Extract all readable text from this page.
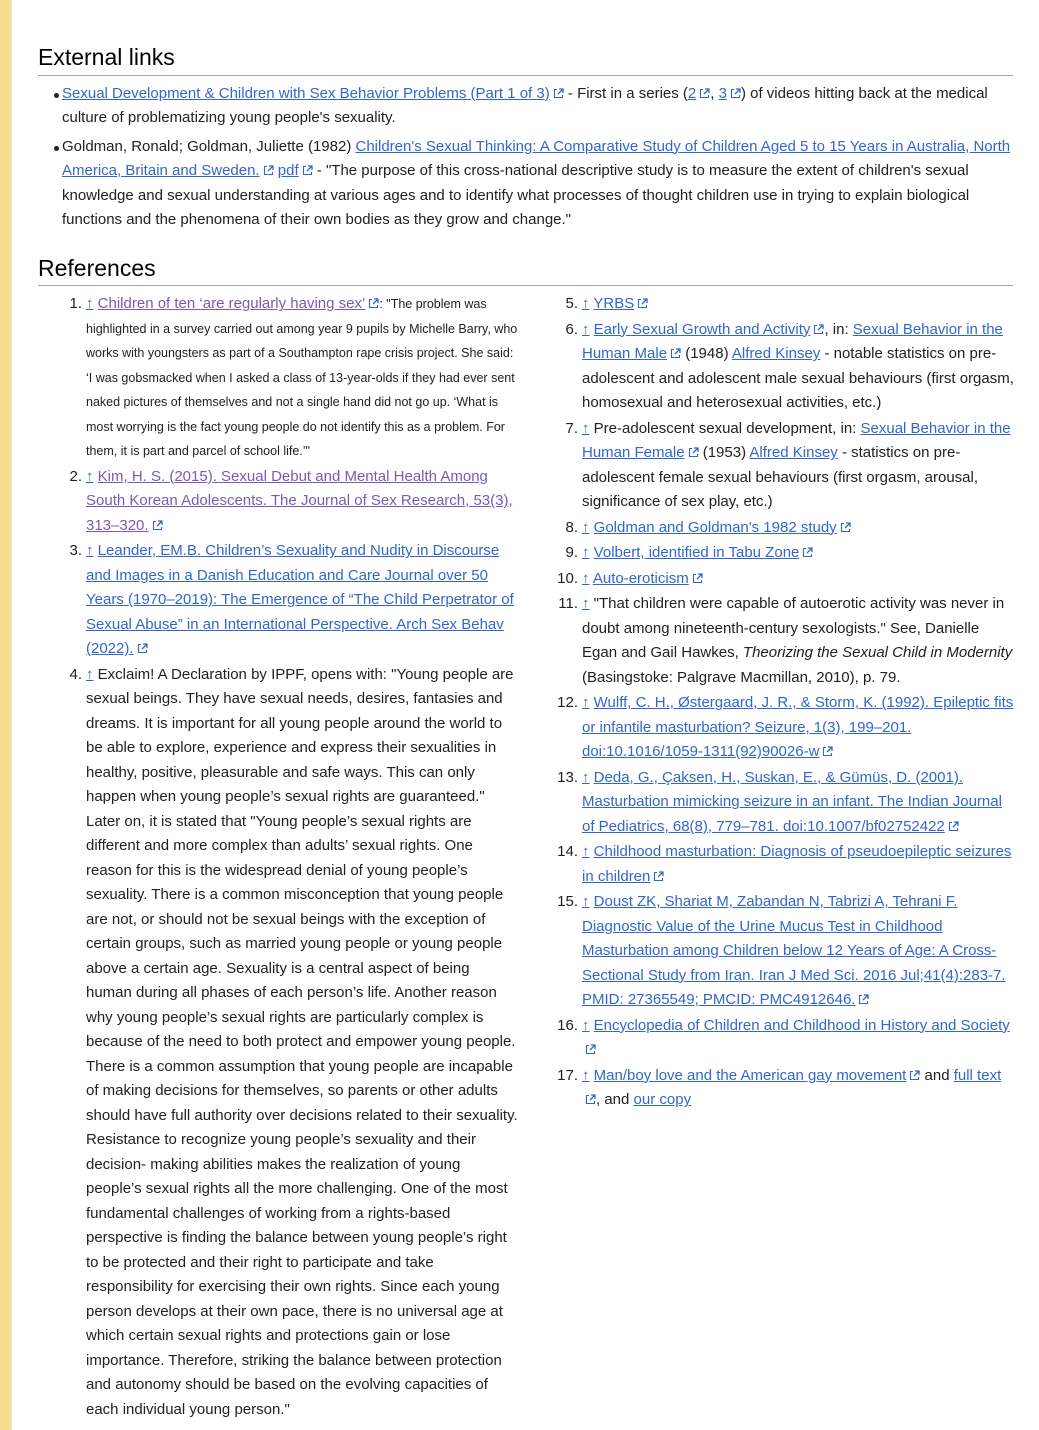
External links
Sexual Development & Children with Sex Behavior Problems (Part 1 of 3)
- First in a series (2 , 3 ) of videos hitting back at the medical culture of problematizing young people's sexuality.
Goldman, Ronald; Goldman, Juliette (1982) Children's Sexual Thinking: A Comparative Study of Children Aged 5 to 15 Years in Australia, North America, Britain and Sweden. pdf
- "The purpose of this cross-national descriptive study is to measure the extent of children's sexual knowledge and sexual understanding at various ages and to identify what processes of thought children use in trying to explain biological functions and the phenomena of their own bodies as they grow and change."
References
1. ↑ Children of ten ‘are regularly having sex’ : "The problem was highlighted in a survey carried out among year 9 pupils by Michelle Barry, who works with youngsters as part of a Southampton rape crisis project. She said: ‘I was gobsmacked when I asked a class of 13-year-olds if they had ever sent naked pictures of themselves and not a single hand did not go up. ‘What is most worrying is the fact young people do not identify this as a problem. For them, it is part and parcel of school life.’"
2. ↑ Kim, H. S. (2015). Sexual Debut and Mental Health Among South Korean Adolescents. The Journal of Sex Research, 53(3), 313–320.
3. ↑ Leander, EM.B. Children’s Sexuality and Nudity in Discourse and Images in a Danish Education and Care Journal over 50 Years (1970–2019): The Emergence of “The Child Perpetrator of Sexual Abuse” in an International Perspective. Arch Sex Behav (2022).
4. ↑ Exclaim! A Declaration by IPPF, opens with: "Young people are sexual beings. They have sexual needs, desires, fantasies and dreams. It is important for all young people around the world to be able to explore, experience and express their sexualities in healthy, positive, pleasurable and safe ways. This can only happen when young people’s sexual rights are guaranteed." Later on, it is stated that "Young people’s sexual rights are different and more complex than adults’ sexual rights. One reason for this is the widespread denial of young people’s sexuality. There is a common misconception that young people are not, or should not be sexual beings with the exception of certain groups, such as married young people or young people above a certain age. Sexuality is a central aspect of being human during all phases of each person’s life. Another reason why young people’s sexual rights are particularly complex is because of the need to both protect and empower young people. There is a common assumption that young people are incapable of making decisions for themselves, so parents or other adults should have full authority over decisions related to their sexuality. Resistance to recognize young people’s sexuality and their decision- making abilities makes the realization of young people’s sexual rights all the more challenging. One of the most fundamental challenges of working from a rights-based perspective is finding the balance between young people’s right to be protected and their right to participate and take responsibility for exercising their own rights. Since each young person develops at their own pace, there is no universal age at which certain sexual rights and protections gain or lose importance. Therefore, striking the balance between protection and autonomy should be based on the evolving capacities of each individual young person."
5. ↑ YRBS
6. ↑ Early Sexual Growth and Activity , in: Sexual Behavior in the Human Male
(1948) Alfred Kinsey - notable statistics on pre-adolescent and adolescent male sexual behaviours (first orgasm, homosexual and heterosexual activities, etc.)
7. ↑ Pre-adolescent sexual development, in: Sexual Behavior in the Human Female
(1953) Alfred Kinsey - statistics on pre-adolescent female sexual behaviours (first orgasm, arousal, significance of sex play, etc.)
8. ↑ Goldman and Goldman's 1982 study
9. ↑ Volbert, identified in Tabu Zone
10. ↑ Auto-eroticism
11. ↑ "That children were capable of autoerotic activity was never in doubt among nineteenth-century sexologists." See, Danielle Egan and Gail Hawkes, Theorizing the Sexual Child in Modernity (Basingstoke: Palgrave Macmillan, 2010), p. 79.
12. ↑ Wulff, C. H., Østergaard, J. R., & Storm, K. (1992). Epileptic fits or infantile masturbation? Seizure, 1(3), 199–201. doi:10.1016/1059-1311(92)90026-w
13. ↑ Deda, G., Çaksen, H., Suskan, E., & Gümüs, D. (2001). Masturbation mimicking seizure in an infant. The Indian Journal of Pediatrics, 68(8), 779–781. doi:10.1007/bf02752422
14. ↑ Childhood masturbation: Diagnosis of pseudoepileptic seizures in children
15. ↑ Doust ZK, Shariat M, Zabandan N, Tabrizi A, Tehrani F. Diagnostic Value of the Urine Mucus Test in Childhood Masturbation among Children below 12 Years of Age: A Cross-Sectional Study from Iran. Iran J Med Sci. 2016 Jul;41(4):283-7. PMID: 27365549; PMCID: PMC4912646.
16. ↑ Encyclopedia of Children and Childhood in History and Society
17. ↑ Man/boy love and the American gay movement
and full text
, and our copy
